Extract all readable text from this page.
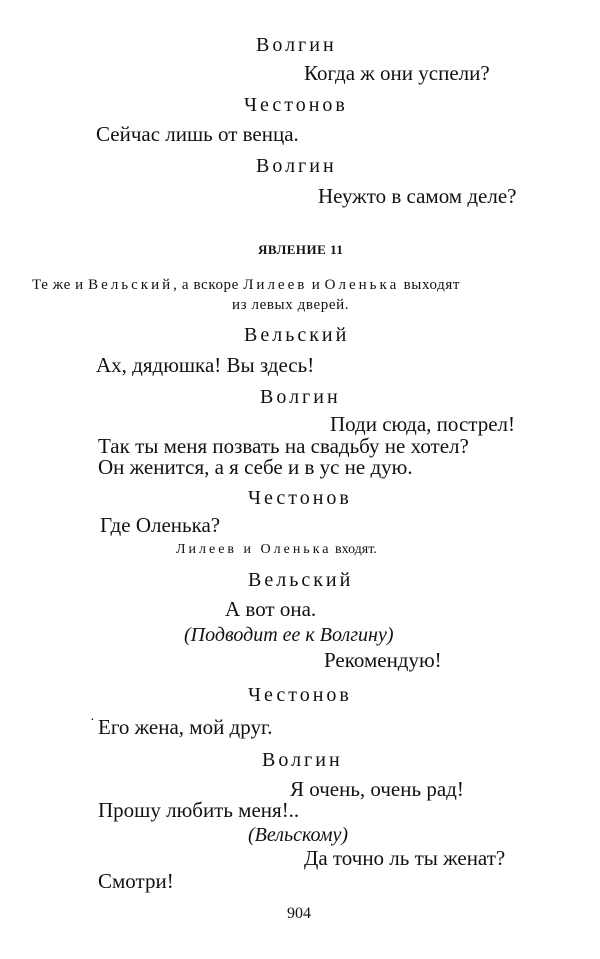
Волгин
Когда ж они успели?
Честонов
Сейчас лишь от венца.
Волгин
Неужто в самом деле?
ЯВЛЕНИЕ 11
Те же и Вельский, а вскоре Лилеев и Оленька выходят
из левых дверей.
Вельский
Ах, дядюшка! Вы здесь!
Волгин
Поди сюда, пострел!
Так ты меня позвать на свадьбу не хотел?
Он женится, а я себе и в ус не дую.
Честонов
Где Оленька?
Лилеев и Оленька входят.
Вельский
А вот она.
(Подводит ее к Волгину)
Рекомендую!
Честонов
· Его жена, мой друг.
Волгин
Я очень, очень рад!
Прошу любить меня!..
(Вельскому)
Да точно ль ты женат?
Смотри!
904
